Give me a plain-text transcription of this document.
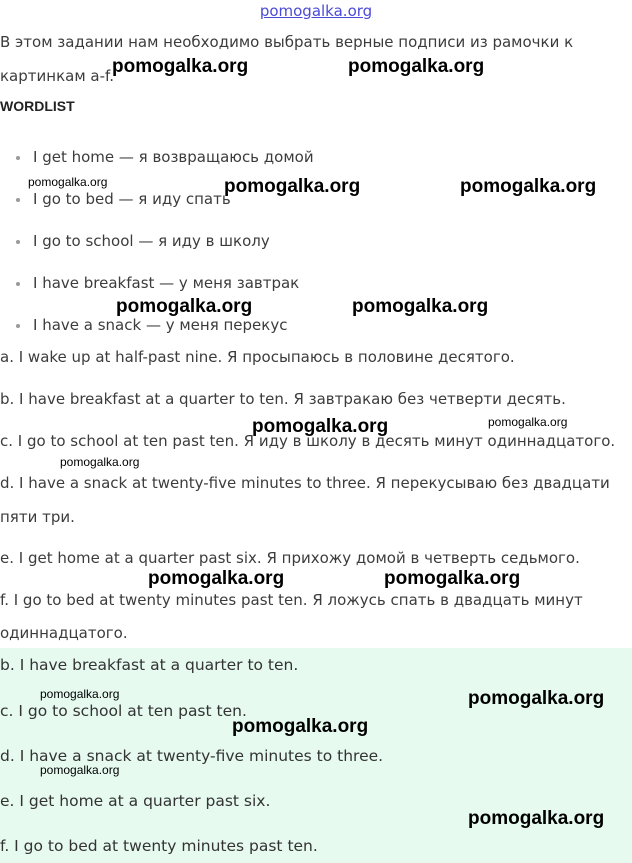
pomogalka.org
В этом задании нам необходимо выбрать верные подписи из рамочки к
картинкам a-f.
WORDLIST
I get home — я возвращаюсь домой
I go to bed — я иду спать
I go to school — я иду в школу
I have breakfast — у меня завтрак
I have a snack — у меня перекус
a. I wake up at half-past nine. Я просыпаюсь в половине десятого.
b. I have breakfast at a quarter to ten. Я завтракаю без четверти десять.
c. I go to school at ten past ten. Я иду в школу в десять минут одиннадцатого.
d. I have a snack at twenty-five minutes to three. Я перекусываю без двадцати
пяти три.
e. I get home at a quarter past six. Я прихожу домой в четверть седьмого.
f. I go to bed at twenty minutes past ten. Я ложусь спать в двадцать минут
одиннадцатого.
b. I have breakfast at a quarter to ten.
c. I go to school at ten past ten.
d. I have a snack at twenty-five minutes to three.
e. I get home at a quarter past six.
f. I go to bed at twenty minutes past ten.
pomogalka.org	pomogalka.org
pomogalka.org	pomogalka.org	pomogalka.org
pomogalka.org	pomogalka.org
pomogalka.org	pomogalka.org
pomogalka.org
pomogalka.org	pomogalka.org
pomogalka.org	pomogalka.org
pomogalka.org
pomogalka.org
pomogalka.org
